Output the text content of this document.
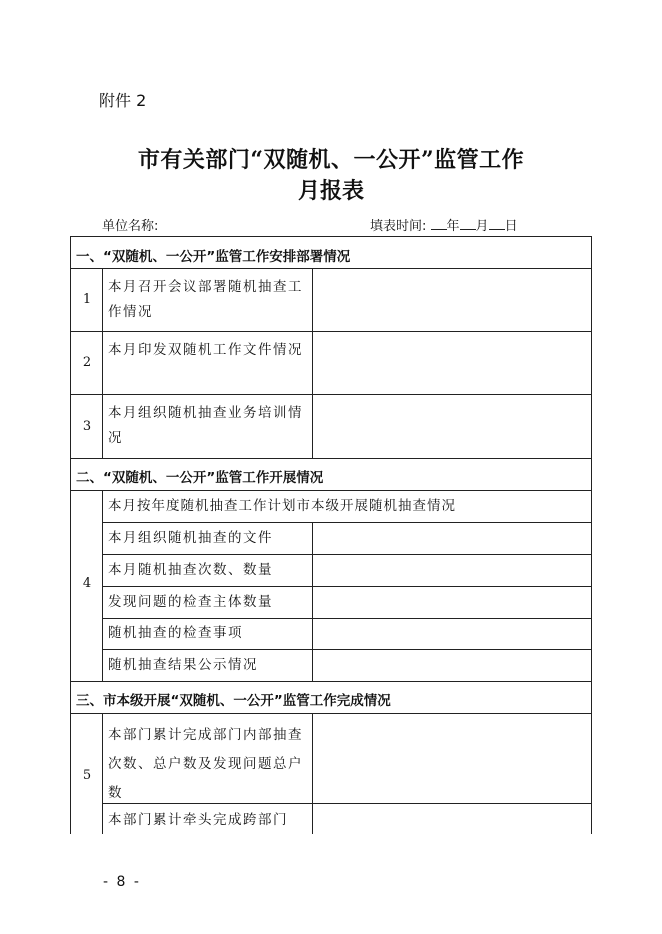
附件 2
市有关部门“双随机、一公开”监管工作
月报表
单位名称:	填表时间: 年 月 日
一、“双随机、一公开”监管工作安排部署情况
1
本月召开会议部署随机抽查工作情况
2
本月印发双随机工作文件情况
3
本月组织随机抽查业务培训情况
二、“双随机、一公开”监管工作开展情况
4
本月按年度随机抽查工作计划市本级开展随机抽查情况
本月组织随机抽查的文件
本月随机抽查次数、数量
发现问题的检查主体数量
随机抽查的检查事项
随机抽查结果公示情况
三、市本级开展“双随机、一公开”监管工作完成情况
5
本部门累计完成部门内部抽查次数、总户数及发现问题总户数
本部门累计牵头完成跨部门
- 8 -
